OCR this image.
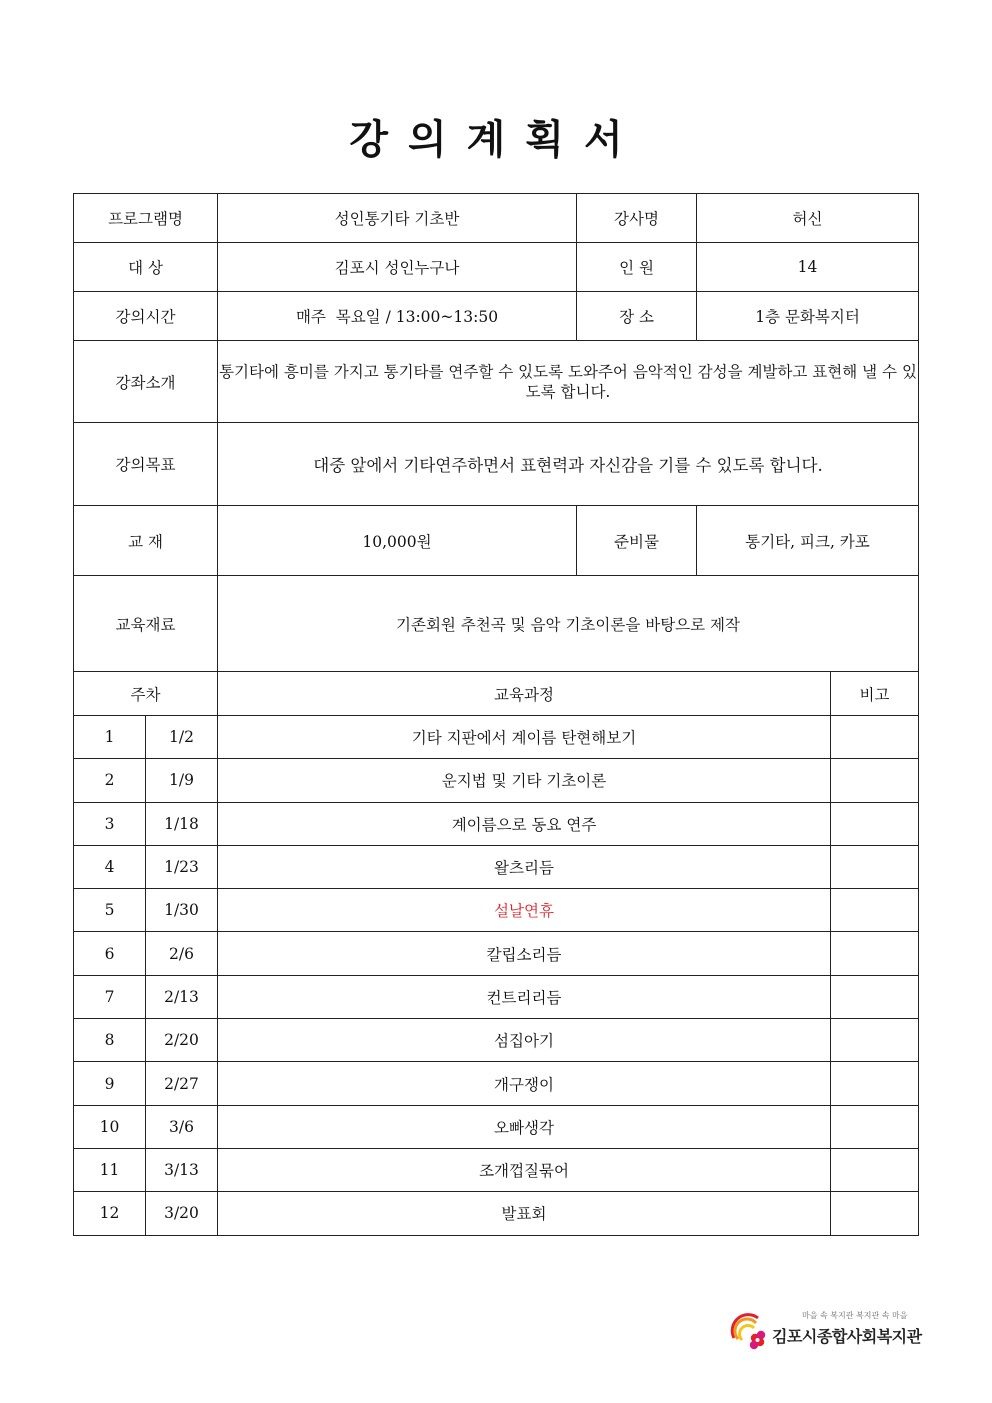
강의계획서
프로그램명		성인통기타 기초반	강사명	허신	
대 상		김포시 성인누구나	인 원	14	
강의시간		매주  목요일 / 13:00~13:50	장 소	1층 문화복지터	
강좌소개		통기타에 흥미를 가지고 통기타를 연주할 수 있도록 도와주어 음악적인 감성을 계발하고 표현해 낼 수 있도록 합니다.			
강의목표		대중 앞에서 기타연주하면서 표현력과 자신감을 기를 수 있도록 합니다.			
교 재		10,000원	준비물	통기타, 피크, 카포	
교육재료		기존회원 추천곡 및 음악 기초이론을 바탕으로 제작			
주차		교육과정			비고
1	1/2	기타 지판에서 계이름 탄현해보기			
2	1/9	운지법 및 기타 기초이론			
3	1/18	계이름으로 동요 연주			
4	1/23	왈츠리듬			
5	1/30	설날연휴			
6	2/6	칼립소리듬			
7	2/13	컨트리리듬			
8	2/20	섬집아기			
9	2/27	개구쟁이			
10	3/6	오빠생각			
11	3/13	조개껍질묶어			
12	3/20	발표회			
마을 속 복지관 복지관 속 마을
김포시종합사회복지관
